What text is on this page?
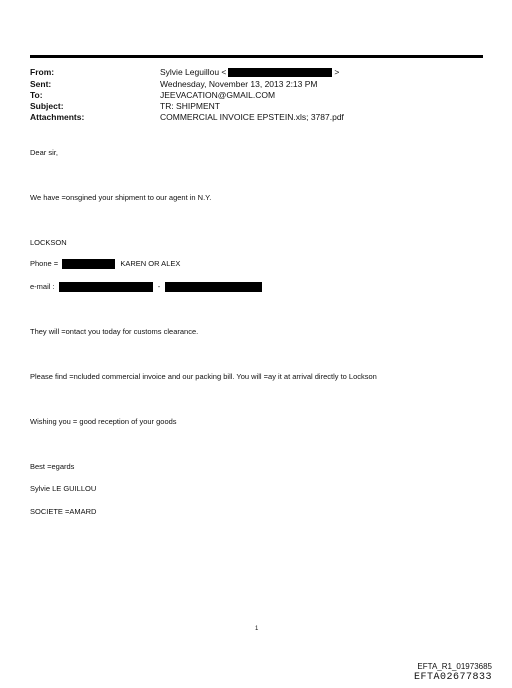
From:	Sylvie Leguillou <	>
Sent:	Wednesday, November 13, 2013 2:13 PM
To:	JEEVACATION@GMAIL.COM
Subject:	TR: SHIPMENT
Attachments:	COMMERCIAL INVOICE EPSTEIN.xls; 3787.pdf
Dear sir,
We have =onsgined your shipment to our agent in N.Y.
LOCKSON
Phone =	KAREN OR ALEX
e-mail :	-
They will =ontact you today for customs clearance.
Please find =ncluded commercial invoice and our packing bill. You will =ay it at arrival directly to Lockson
Wishing you = good reception of your goods
Best =egards
Sylvie LE GUILLOU
SOCIETE =AMARD
1
EFTA_R1_01973685
EFTA02677833
